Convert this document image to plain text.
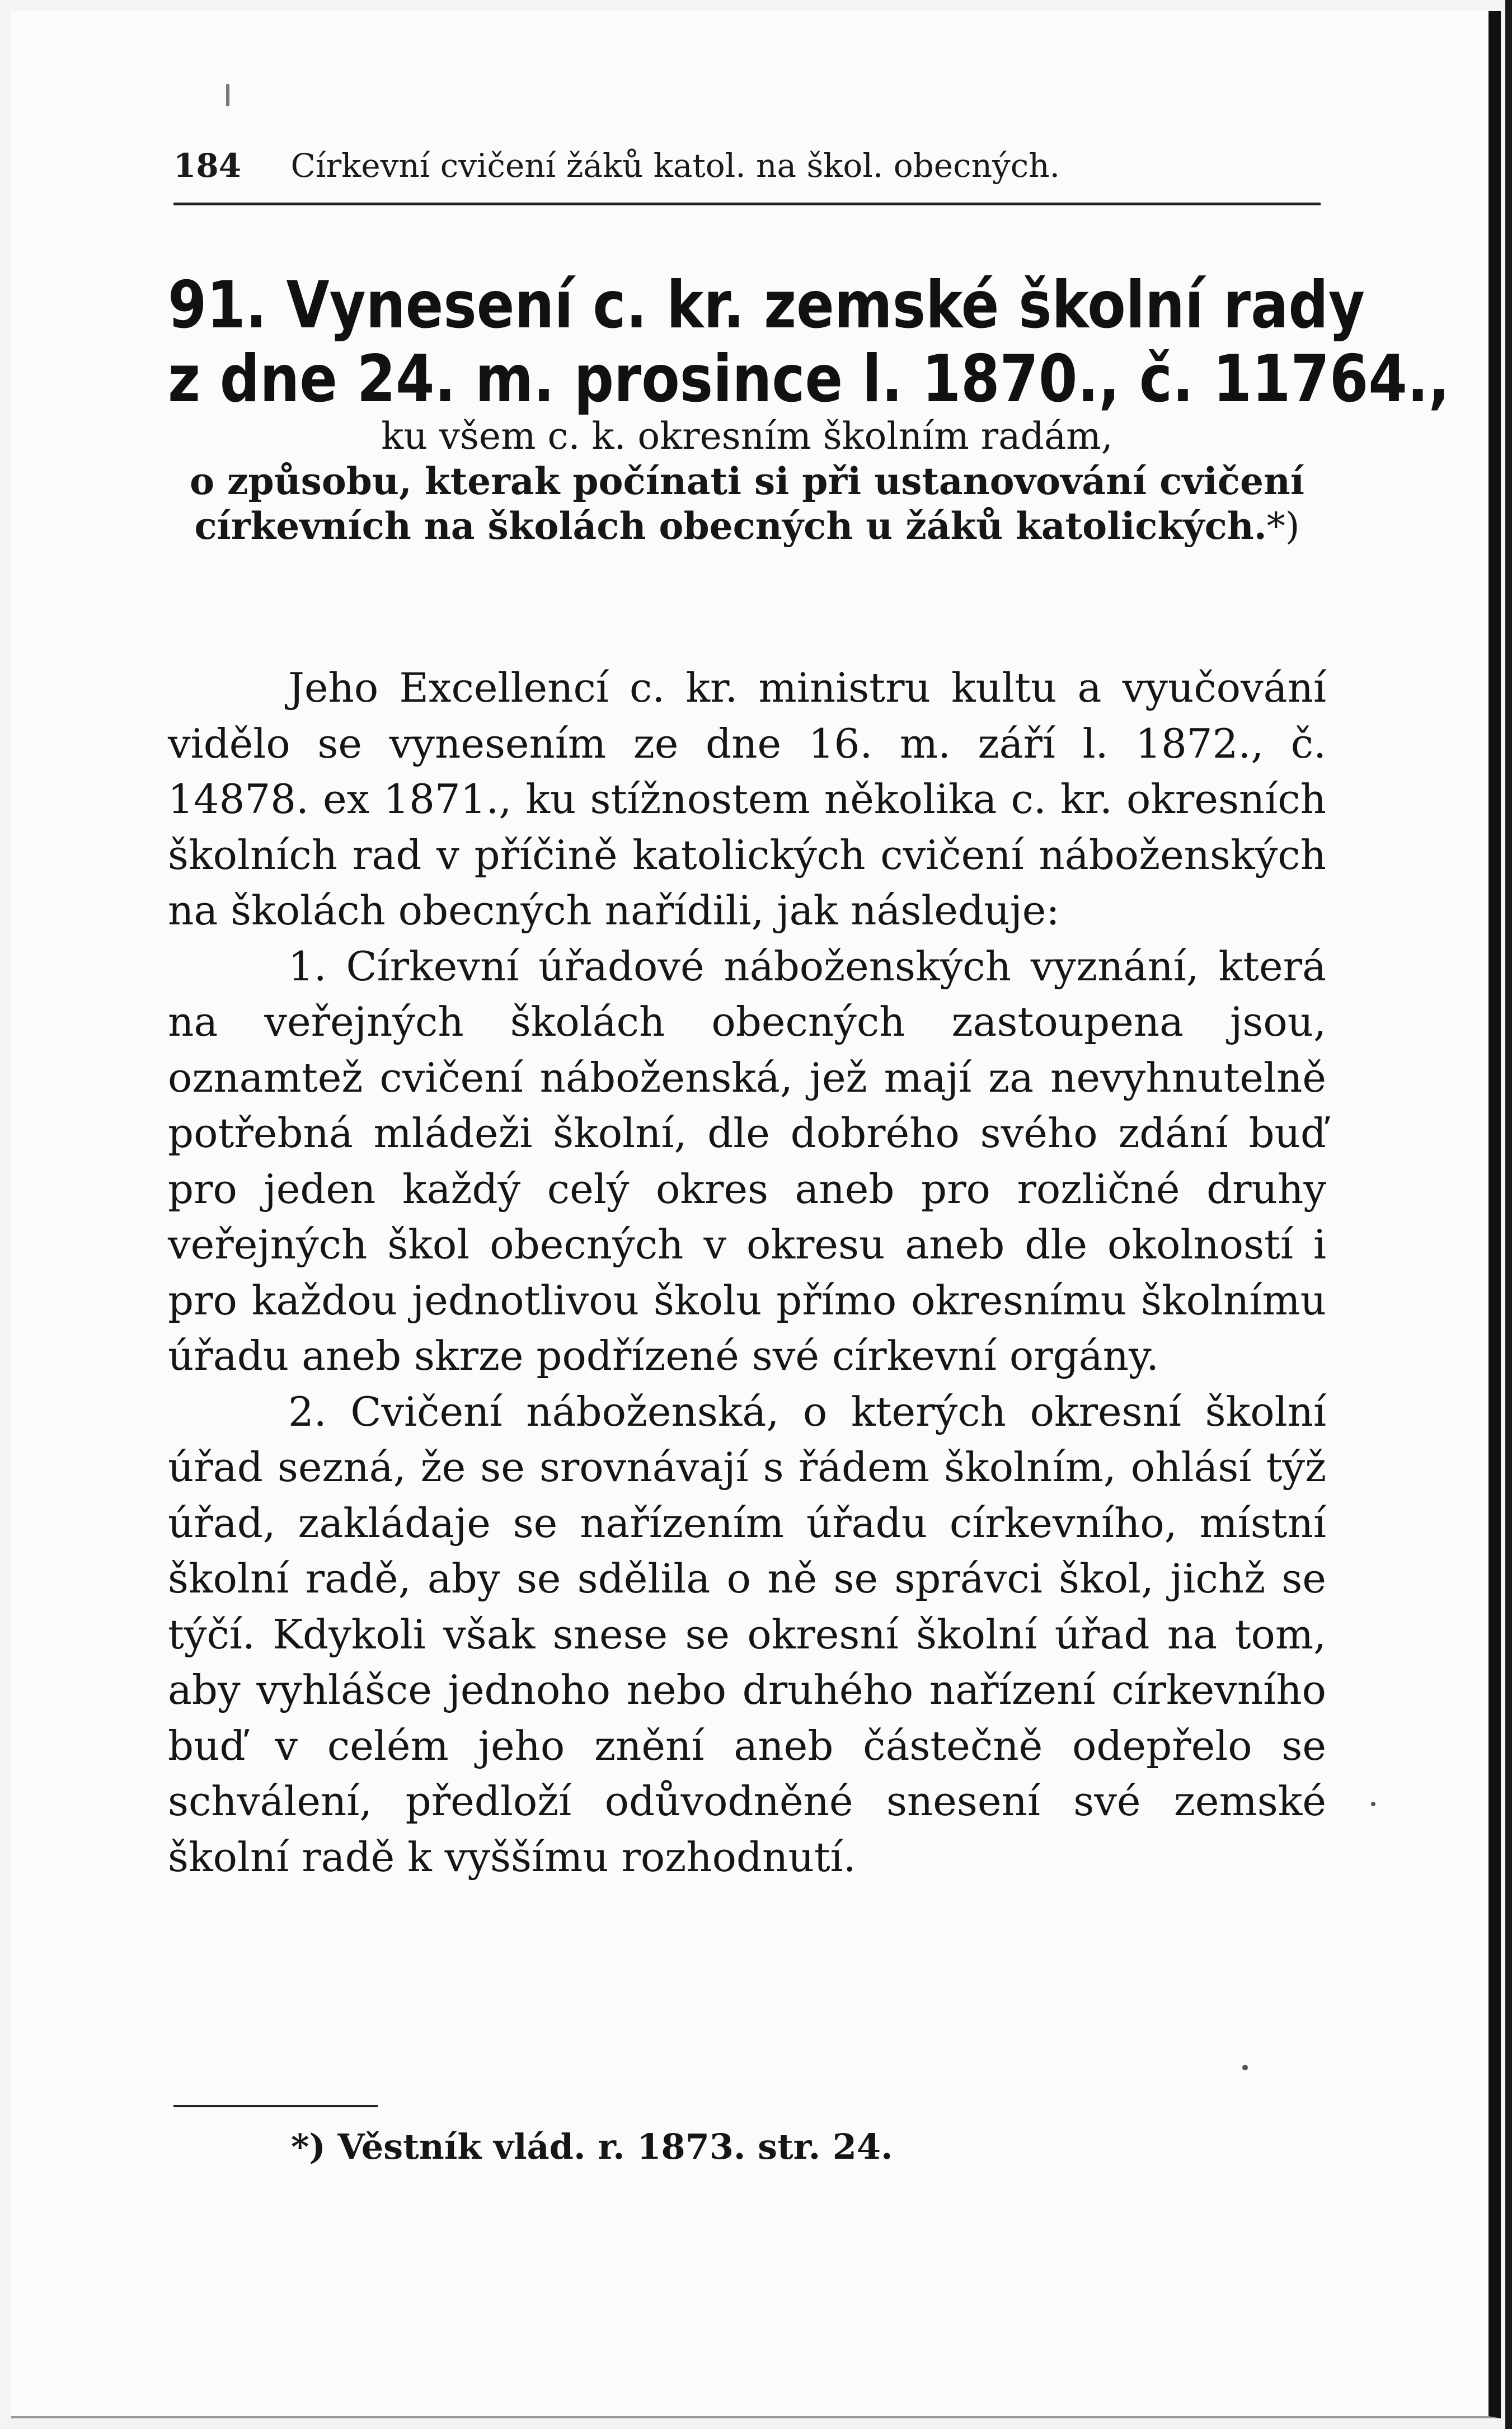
184 Církevní cvičení žáků katol. na škol. obecných.
91. Vynesení c. kr. zemské školní rady
z dne 24. m. prosince l. 1870., č. 11764.,
ku všem c. k. okresním školním radám,
o způsobu, kterak počínati si při ustanovování cvičení církevních na školách obecných u žáků katolických.*)

Jeho Excellencí c. kr. ministru kultu a vyučování vidělo se vynesením ze dne 16. m. září l. 1872., č. 14878. ex 1871., ku stížnostem několika c. kr. okresních školních rad v příčině katolických cvičení náboženských na školách obecných nařídili, jak následuje:

1. Církevní úřadové náboženských vyznání, která na veřejných školách obecných zastoupena jsou, oznamtež cvičení náboženská, jež mají za nevyhnutelně potřebná mládeži školní, dle dobrého svého zdání buď pro jeden každý celý okres aneb pro rozličné druhy veřejných škol obecných v okresu aneb dle okolností i pro každou jednotlivou školu přímo okresnímu školnímu úřadu aneb skrze podřízené své církevní orgány.

2. Cvičení náboženská, o kterých okresní školní úřad sezná, že se srovnávají s řádem školním, ohlásí týž úřad, zakládaje se nařízením úřadu církevního, místní školní radě, aby se sdělila o ně se správci škol, jichž se týčí. Kdykoli však snese se okresní školní úřad na tom, aby vyhlášce jednoho nebo druhého nařízení církevního buď v celém jeho znění aneb částečně odepřelo se schválení, předloží odůvodněné snesení své zemské školní radě k vyššímu rozhodnutí.

*) Věstník vlád. r. 1873. str. 24.
